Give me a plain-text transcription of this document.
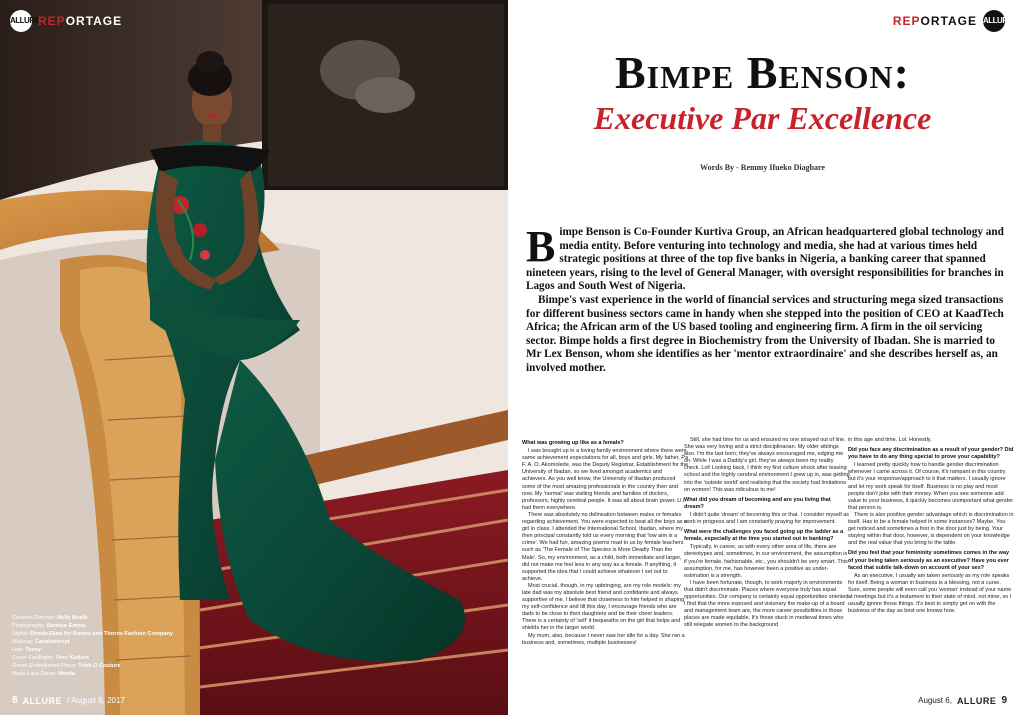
ALLURE
REPORTAGE
Creative Director: Nelly Mesik
Photography: Bamiyo Emma
Stylist: Rhoda Ekan for Rowes and Thorns Fashion Company
Makeup: Casakoncept
Hair: Tessy
Cover Facilitator: Urez Kulture
Green Embellished Piece: Trish O Couture
Nude Lace Dress: Moofa
8 ALLURE / August 6, 2017
REPORTAGE ALLURE
Bimpe Benson:
Executive Par Excellence
Words By - Remmy Ifueko Diagbare

Bimpe Benson is Co-Founder Kurtiva Group, an African headquartered global technology and media entity. Before venturing into technology and media, she had at various times held strategic positions at three of the top five banks in Nigeria, a banking career that spanned nineteen years, rising to the level of General Manager, with oversight responsibilities for branches in Lagos and South West of Nigeria.

Bimpe's vast experience in the world of financial services and structuring mega sized transactions for different business sectors came in handy when she stepped into the position of CEO at KaadTech Africa; the African arm of the US based tooling and engineering firm. A firm in the oil servicing sector. Bimpe holds a first degree in Biochemistry from the University of Ibadan. She is married to Mr Lex Benson, whom she identifies as her 'mentor extraordinaire' and she describes herself as, an involved mother.

What was growing up like as a female?

I was brought up in a loving family environment where there were same achievement expectations for all, boys and girls. My father, Pa F. A. O. Akomolede, was the Deputy Registrar, Establishment for the University of Ibadan, so we lived amongst academics and achievers. As you well know, the University of Ibadan produced some of the most amazing professionals in the country then and now. My 'normal' was visiting friends and families of doctors, professors, highly cerebral people. It was all about brain power. U.I. had them everywhere.

There was absolutely no delineation between males or females regarding achievement. You were expected to beat all the boys as a girl in class. I attended the International School, Ibadan, where my then principal constantly told us every morning that 'low aim is a crime'. We had fun, amazing poems read to us by female teachers such as 'The Female of The Species is More Deadly Than the Male'. So, my environment, as a child, both immediate and larger, did not make me feel less in any way as a female. If anything, it supported the idea that I could achieve whatever I set out to achieve.

Most crucial, though, in my upbringing, are my role models: my late dad was my absolute best friend and confidante and always supportive of me. I believe that closeness to him helped in shaping my self-confidence and till this day, I encourage friends who are dads to be close to their daughters and be their cheer leaders. There is a certainty of 'self' it bequeaths on the girl that helps and shields her in the larger world.

My mum, also, because I never saw her idle for a day. She ran a business and, sometimes, multiple businesses!

Still, she had time for us and ensured no one strayed out of line. She was very loving and a strict disciplinarian. My older siblings also. I'm the last born; they've always encouraged me, edging me on. While I was a Daddy's girl, they've always been my reality check. Lol! Looking back, I think my first culture shock after leaving school and the highly cerebral environment I grew up in, was getting into the 'outside world' and realising that the society had limitations on women! This was ridiculous to me!

What did you dream of becoming and are you living that dream?

I didn't quite 'dream' of becoming this or that. I consider myself as work in progress and I am constantly praying for improvement.

What were the challenges you faced going up the ladder as a female, especially at the time you started out in banking?

Typically, in career, as with every other area of life, there are stereotypes and, sometimes, in our environment, the assumption is if you're female, fashionable, etc., you shouldn't be very smart. This assumption, for me, has however been a positive as under-estimation is a strength.

I have been fortunate, though, to work majorly in environments that didn't discriminate. Places where everyone truly has equal opportunities. Our company is certainly equal opportunities oriented. I find that the more exposed and visionary the make-up of a board and management team are, the more career possibilities in those places are made equitable. It's those stuck in medieval times who still relegate women to the background

in this age and time. Lol. Honestly.

Did you face any discrimination as a result of your gender? Did you have to do any thing special to prove your capability?

I learned pretty quickly how to handle gender discrimination whenever I came across it. Of course, it's rampant in this country but it's your response/approach to it that matters. I usually ignore and let my work speak for itself. Business is no play and most people don't joke with their money. When you see someone add value to your business, it quickly becomes unimportant what gender that person is.

There is also positive gender advantage which is discrimination in itself. Has to be a female helped in some instances? Maybe. You get noticed and sometimes a foot in the door just by being. Your staying within that door, however, is dependent on your knowledge and the real value that you bring to the table.

Did you feel that your femininity sometimes comes in the way of your being taken seriously as an executive? Have you ever faced that subtle talk-down on account of your sex?

As an executive, I usually am taken seriously as my role speaks for itself. Being a woman in business is a blessing, not a curse. Sure, some people will even call you 'woman' instead of your name at meetings but it's a testament to their state of mind, not mine, so I usually ignore those things. It's best to simply get on with the business of the day as best one knows how.

August 6, ALLURE 9
